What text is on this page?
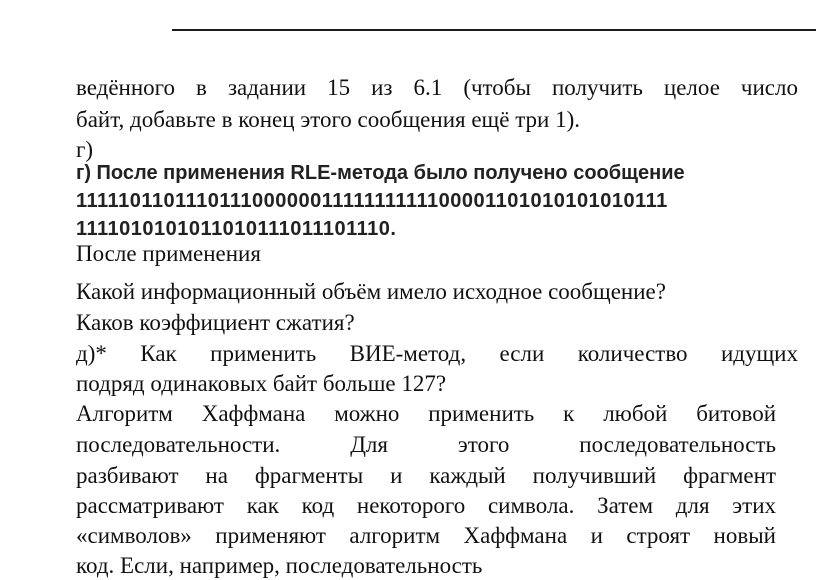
ведённого в задании 15 из 6.1 (чтобы получить целое число
байт, добавьте в конец этого сообщения ещё три 1).
г)
г) После применения RLE-метода было получено сообщение
11111011011101110000001111111111100001101010101010111
1111010101011010111011101110.
После применения
Какой информационный объём имело исходное сообщение?
Каков коэффициент сжатия?
д)* Как применить ВИЕ-метод, если количество идущих
подряд одинаковых байт больше 127?
Алгоритм Хаффмана можно применить к любой битовой
последовательности. Для этого последовательность
разбивают на фрагменты и каждый получивший фрагмент
рассматривают как код некоторого символа. Затем для этих
«символов» применяют алгоритм Хаффмана и строят новый
код. Если, например, последовательность
